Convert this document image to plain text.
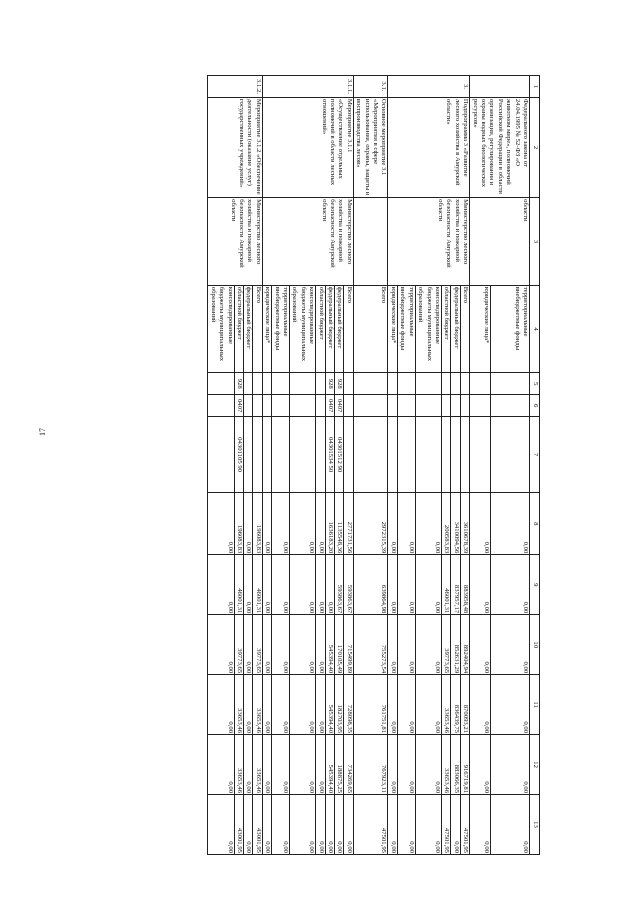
17
1	2	3	4	5	6	7	8	9	10	11	12	13
	Федерального закона от 24.04.1995 № 52-ФЗ «О животном мире», полномочий Российской Федерации в области организации, регулирования и охраны водных биологических ресурсов»	области	территориальные внебюджетные фонды				0,00	0,00	0,00	0,00	0,00	0,00
			юридические лица*				0,00	0,00	0,00	0,00	0,00	0,00
3.	Подпрограмма 3 «Развитие лесного хозяйства в Амурской области»	Министерство лесного хозяйства и пожарной безопасности Амурской области	Всего				3610678,39	883958,48	892404,94	870093,21	916719,81	47501,95
			федеральный бюджет				3410094,56	837957,17	852631,29	836439,75	883066,35	0,00
			областной бюджет				200583,83	46001,31	39773,65	33653,46	33653,46	47501,95
			консолидированные бюджеты муниципальных образований				0,00	0,00	0,00	0,00	0,00	0,00
			территориальные внебюджетные фонды				0,00	0,00	0,00	0,00	0,00	0,00
			юридические лица*				0,00	0,00	0,00	0,00	0,00	0,00
3.1.	Основное мероприятие 3.1 «Мероприятия в сфере использования, охраны, защиты и воспроизводства лесов»		Всего				2972315,39	639864,98	755273,54	761751,81	767923,11	47501,95
3.1.1.	Мероприятие 3.1.1 «Осуществление отдельных полномочий в области лесных отношений»	Министерство лесного хозяйства и пожарной безопасности Амурской области	Всего				2771731,56	593863,67	715499,89	728098,35	734269,65	0,00
			федеральный бюджет	928	0407	04301512 90	1135548,36	593863,67	170105,49	182703,95	188875,25	0,00
			федеральный бюджет	928	0407	04301534 50	1636183,20	0,00	545394,40	545394,40	545394,40	0,00
			областной бюджет				0,00	0,00	0,00	0,00	0,00	0,00
			консолидированные бюджеты муниципальных образований				0,00	0,00	0,00	0,00	0,00	0,00
			территориальные внебюджетные фонды				0,00	0,00	0,00	0,00	0,00	0,00
			юридические лица*				0,00	0,00	0,00	0,00	0,00	0,00
3.1.2.	Мероприятие 3.1.2 «Обеспечение деятельности (оказание услуг) государственных учреждений»	Министерство лесного хозяйства и пожарной безопасности Амурской области	Всего				196083,83	46001,31	39773,65	33653,46	33653,46	43001,95
			федеральный бюджет				0,00	0,00	0,00	0,00	0,00	0,00
			областной бюджет	928	0407	04301105 90	196083,83	46001,31	39773,65	33653,46	33653,46	43001,95
			консолидированные бюджеты муниципальных образований				0,00	0,00	0,00	0,00	0,00	0,00
